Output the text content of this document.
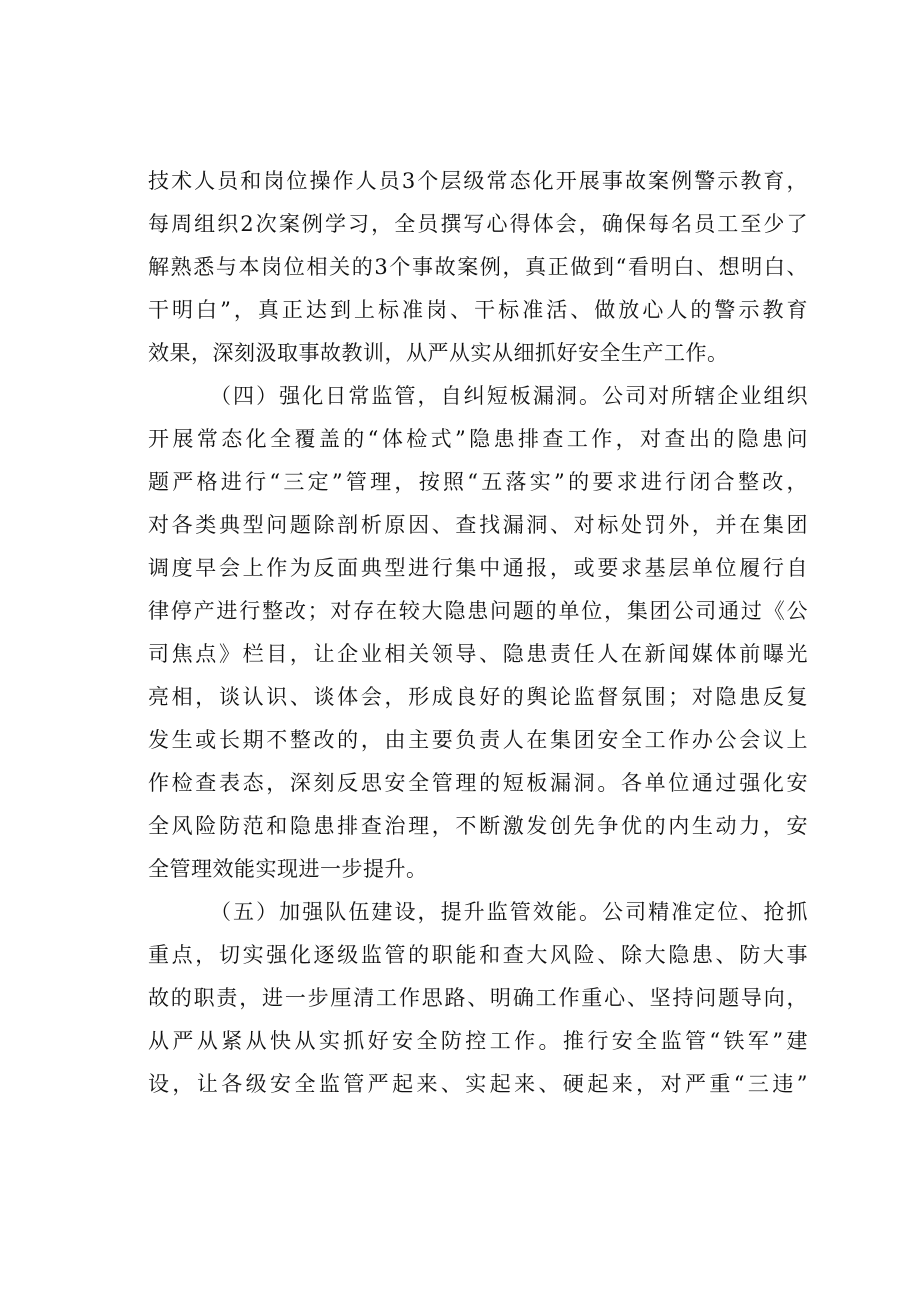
技术人员和岗位操作人员3个层级常态化开展事故案例警示教育，
每周组织2次案例学习，全员撰写心得体会，确保每名员工至少了
解熟悉与本岗位相关的3个事故案例，真正做到“看明白、想明白、
干明白”，真正达到上标准岗、干标准活、做放心人的警示教育
效果，深刻汲取事故教训，从严从实从细抓好安全生产工作。
（四）强化日常监管，自纠短板漏洞。公司对所辖企业组织
开展常态化全覆盖的“体检式”隐患排查工作，对查出的隐患问
题严格进行“三定”管理，按照“五落实”的要求进行闭合整改，
对各类典型问题除剖析原因、查找漏洞、对标处罚外，并在集团
调度早会上作为反面典型进行集中通报，或要求基层单位履行自
律停产进行整改；对存在较大隐患问题的单位，集团公司通过《公
司焦点》栏目，让企业相关领导、隐患责任人在新闻媒体前曝光
亮相，谈认识、谈体会，形成良好的舆论监督氛围；对隐患反复
发生或长期不整改的，由主要负责人在集团安全工作办公会议上
作检查表态，深刻反思安全管理的短板漏洞。各单位通过强化安
全风险防范和隐患排查治理，不断激发创先争优的内生动力，安
全管理效能实现进一步提升。
（五）加强队伍建设，提升监管效能。公司精准定位、抢抓
重点，切实强化逐级监管的职能和查大风险、除大隐患、防大事
故的职责，进一步厘清工作思路、明确工作重心、坚持问题导向，
从严从紧从快从实抓好安全防控工作。推行安全监管“铁军”建
设，让各级安全监管严起来、实起来、硬起来，对严重“三违”
